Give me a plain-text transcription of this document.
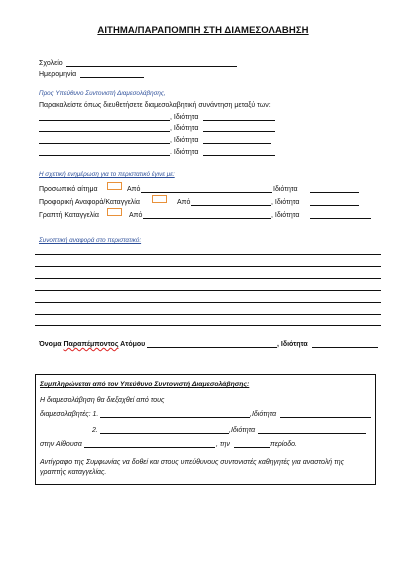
ΑΙΤΗΜΑ/ΠΑΡΑΠΟΜΠΗ ΣΤΗ ΔΙΑΜΕΣΟΛΑΒΗΣΗ
Σχολείο
Ημερομηνία
Προς Υπεύθυνο Συντονιστή Διαμεσολάβησης,
Παρακαλείστε όπως διευθετήσετε διαμεσολαβητική συνάντηση μεταξύ των:
, Ιδιότητα
, Ιδιότητα
, Ιδιότητα
. Ιδιότητα
Η σχετική ενημέρωση για το περιστατικό έγινε με:
Προσωπικό αίτημα	Από	Ιδιότητα
Προφορική Αναφορά/Καταγγελία	Από	, Ιδιότητα
Γραπτή Καταγγελία	Από	, Ιδιότητα
Συνοπτική αναφορά στο περιστατικό:
Όνομα Παραπέμποντος Ατόμου	, Ιδιότητα
Συμπληρώνεται από τον Υπεύθυνο Συντονιστή Διαμεσολάβησης:
Η διαμεσολάβηση θα διεξαχθεί από τους
διαμεσολαβητές: 1.	,Ιδιότητα
2.	,Ιδιότητα
στην Αίθουσα	, την	περίοδο.
Αντίγραφο της Συμφωνίας να δοθεί και στους υπεύθυνους συντονιστές καθηγητές για αναστολή της γραπτής καταγγελίας.
